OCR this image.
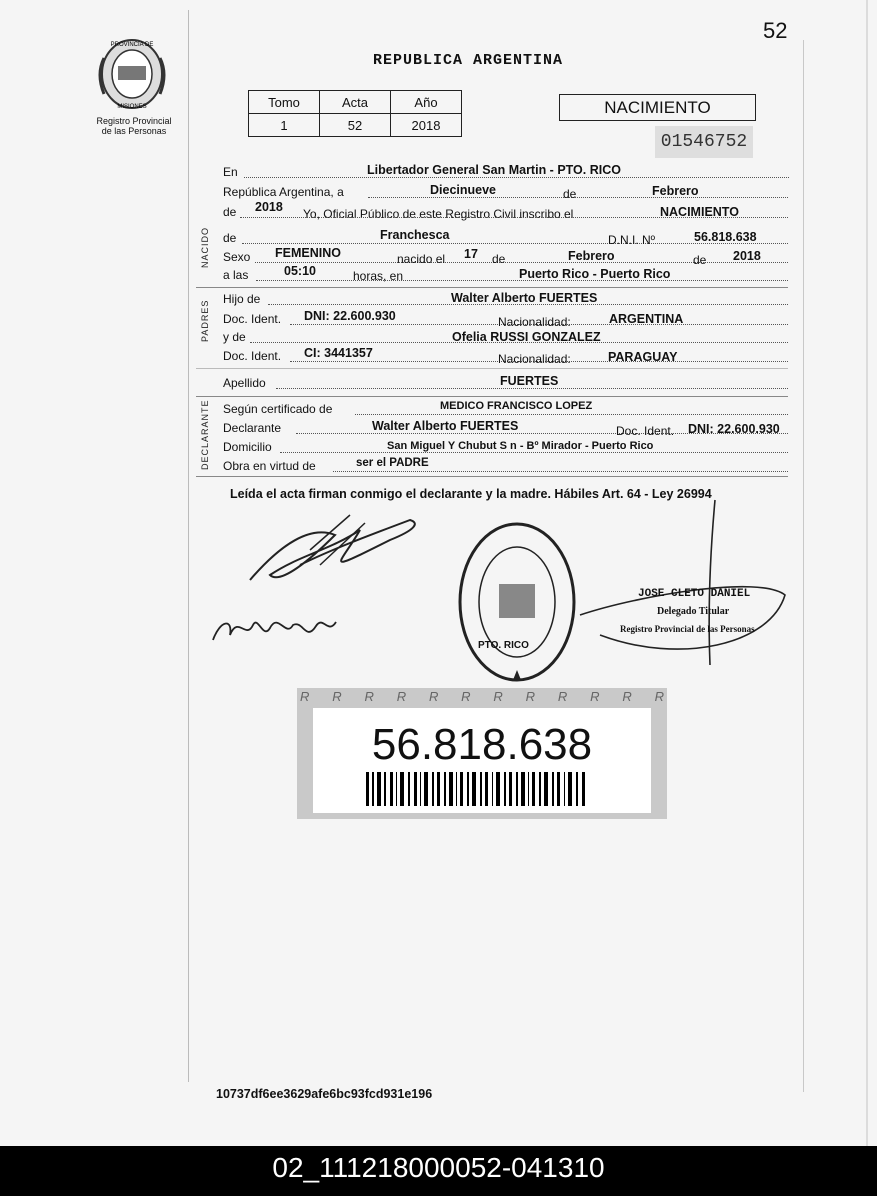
PROVINCIA DE
MISIONES
Registro Provincial
de las Personas
52
REPUBLICA ARGENTINA
Tomo	Acta	Año
1	52	2018
NACIMIENTO
01546752
En	Libertador General San Martin - PTO. RICO
República Argentina, a	Diecinueve	de	Febrero
de 2018 Yo, Oficial Público de este Registro Civil inscribo el	NACIMIENTO
NACIDO de	Franchesca	D.N.I. Nº	56.818.638
Sexo FEMENINO	nacido el 17 de	Febrero	de 2018
a las	05:10	horas, en	Puerto Rico - Puerto Rico
PADRES
Hijo de	Walter Alberto FUERTES
Doc. Ident. DNI: 22.600.930	Nacionalidad:	ARGENTINA
y de	Ofelia RUSSI GONZALEZ
Doc. Ident. CI: 3441357	Nacionalidad:	PARAGUAY
Apellido	FUERTES
DECLARANTE Según certificado de	MEDICO FRANCISCO LOPEZ
Declarante	Walter Alberto FUERTES	Doc. Ident. DNI: 22.600.930
Domicilio	San Miguel Y Chubut S n - Bº Mirador - Puerto Rico
Obra en virtud de	ser el PADRE
Leída el acta firman conmigo el declarante y la madre. Hábiles Art. 64 - Ley 26994
PTO. RICO
JOSE CLETO DANIEL
Delegado Titular
Registro Provincial de las Personas
R R R R R R R R R R R R
56.818.638
10737df6ee3629afe6bc93fcd931e196
02_111218000052-041310
